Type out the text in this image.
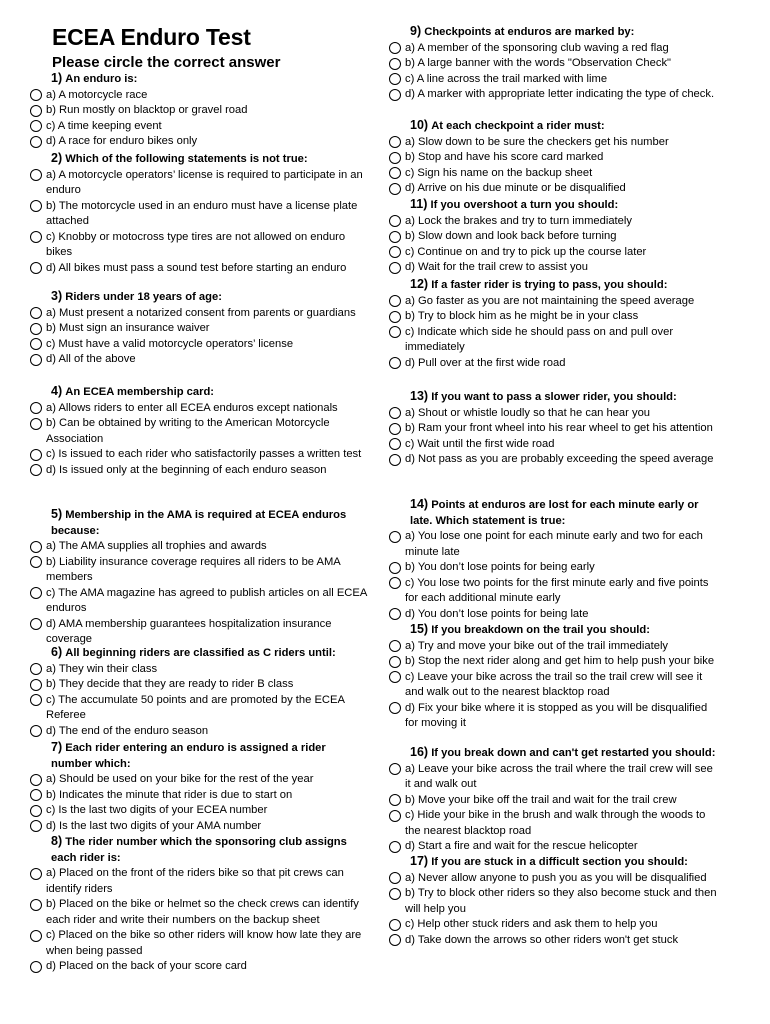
ECEA Enduro Test
Please circle the correct answer
1) An enduro is:
a) A motorcycle race
b) Run mostly on blacktop or gravel road
c) A time keeping event
d) A race for enduro bikes only
2) Which of the following statements is not true:
a) A motorcycle operators’ license is required to participate in an enduro
b) The motorcycle used in an enduro must have a license plate attached
c) Knobby or motocross type tires are not allowed on enduro bikes
d) All bikes must pass a sound test before starting an enduro
3) Riders under 18 years of age:
a) Must present a notarized consent from parents or guardians
b) Must sign an insurance waiver
c) Must have a valid motorcycle operators’ license
d) All of the above
4) An ECEA membership card:
a) Allows riders to enter all ECEA enduros except nationals
b) Can be obtained by writing to the American Motorcycle Association
c) Is issued to each rider who satisfactorily passes a written test
d) Is issued only at the beginning of each enduro season
5) Membership in the AMA is required at ECEA enduros because:
a) The AMA supplies all trophies and awards
b) Liability insurance coverage requires all riders to be AMA members
c) The AMA magazine has agreed to publish articles on all ECEA enduros
d) AMA membership guarantees hospitalization insurance coverage
6) All beginning riders are classified as C riders until:
a) They win their class
b) They decide that they are ready to rider B class
c) The accumulate 50 points and are promoted by the ECEA Referee
d) The end of the enduro season
7) Each rider entering an enduro is assigned a rider number which:
a) Should be used on your bike for the rest of the year
b) Indicates the minute that rider is due to start on
c) Is the last two digits of your ECEA number
d) Is the last two digits of your AMA number
8) The rider number which the sponsoring club assigns each rider is:
a) Placed on the front of the riders bike so that pit crews can identify riders
b) Placed on the bike or helmet so the check crews can identify each rider and write their numbers on the backup sheet
c) Placed on the bike so other riders will know how late they are when being passed
d) Placed on the back of your score card
9) Checkpoints at enduros are marked by:
a) A member of the sponsoring club waving a red flag
b) A large banner with the words "Observation Check"
c) A line across the trail marked with lime
d) A marker with appropriate letter indicating the type of check.
10) At each checkpoint a rider must:
a) Slow down to be sure the checkers get his number
b) Stop and have his score card marked
c) Sign his name on the backup sheet
d) Arrive on his due minute or be disqualified
11) If you overshoot a turn you should:
a) Lock the brakes and try to turn immediately
b) Slow down and look back before turning
c) Continue on and try to pick up the course later
d) Wait for the trail crew to assist you
12) If a faster rider is trying to pass, you should:
a) Go faster as you are not maintaining the speed average
b) Try to block him as he might be in your class
c) Indicate which side he should pass on and pull over immediately
d) Pull over at the first wide road
13) If you want to pass a slower rider, you should:
a) Shout or whistle loudly so that he can hear you
b) Ram your front wheel into his rear wheel to get his attention
c) Wait until the first wide road
d) Not pass as you are probably exceeding the speed average
14) Points at enduros are lost for each minute early or late. Which statement is true:
a) You lose one point for each minute early and two for each minute late
b) You don’t lose points for being early
c) You lose two points for the first minute early and five points for each additional minute early
d) You don’t lose points for being late
15) If you breakdown on the trail you should:
a) Try and move your bike out of the trail immediately
b) Stop the next rider along and get him to help push your bike
c) Leave your bike across the trail so the trail crew will see it and walk out to the nearest blacktop road
d) Fix your bike where it is stopped as you will be disqualified for moving it
16) If you break down and can't get restarted you should:
a) Leave your bike across the trail where the trail crew will see it and walk out
b) Move your bike off the trail and wait for the trail crew
c) Hide your bike in the brush and walk through the woods to the nearest blacktop road
d) Start a fire and wait for the rescue helicopter
17) If you are stuck in a difficult section you should:
a) Never allow anyone to push you as you will be disqualified
b) Try to block other riders so they also become stuck and then will help you
c) Help other stuck riders and ask them to help you
d) Take down the arrows so other riders won't get stuck
